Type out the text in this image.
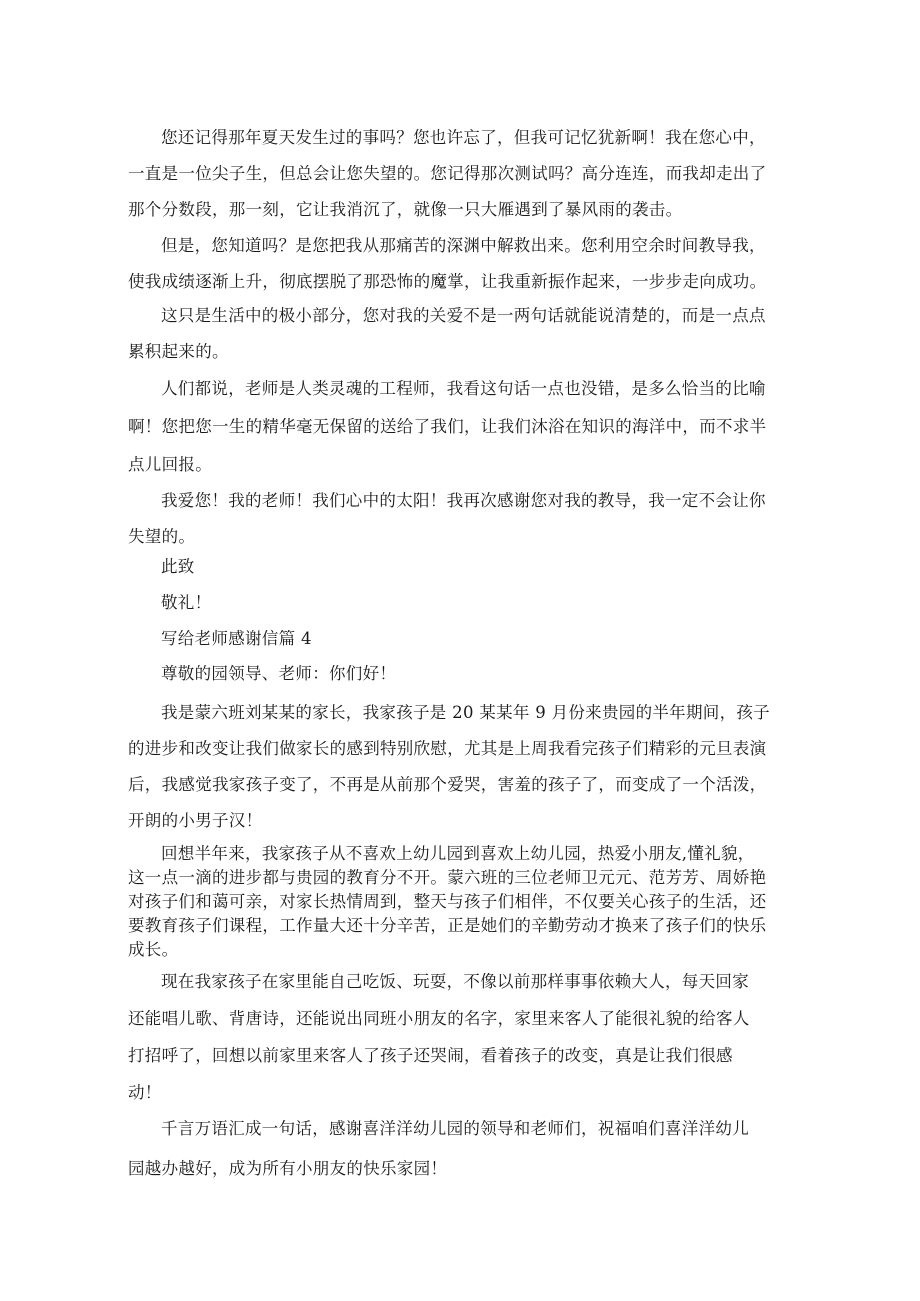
您还记得那年夏天发生过的事吗？您也许忘了，但我可记忆犹新啊！我在您心中，
一直是一位尖子生，但总会让您失望的。您记得那次测试吗？高分连连，而我却走出了
那个分数段，那一刻，它让我消沉了，就像一只大雁遇到了暴风雨的袭击。
但是，您知道吗？是您把我从那痛苦的深渊中解救出来。您利用空余时间教导我，
使我成绩逐渐上升，彻底摆脱了那恐怖的魔掌，让我重新振作起来，一步步走向成功。
这只是生活中的极小部分，您对我的关爱不是一两句话就能说清楚的，而是一点点
累积起来的。
人们都说，老师是人类灵魂的工程师，我看这句话一点也没错，是多么恰当的比喻
啊！您把您一生的精华毫无保留的送给了我们，让我们沐浴在知识的海洋中，而不求半
点儿回报。
我爱您！我的老师！我们心中的太阳！我再次感谢您对我的教导，我一定不会让你
失望的。
此致
敬礼！
写给老师感谢信篇 4
尊敬的园领导、老师：你们好！
我是蒙六班刘某某的家长，我家孩子是 20 某某年 9 月份来贵园的半年期间，孩子
的进步和改变让我们做家长的感到特别欣慰，尤其是上周我看完孩子们精彩的元旦表演
后，我感觉我家孩子变了，不再是从前那个爱哭，害羞的孩子了，而变成了一个活泼，
开朗的小男子汉！
回想半年来，我家孩子从不喜欢上幼儿园到喜欢上幼儿园，热爱小朋友,懂礼貌，
这一点一滴的进步都与贵园的教育分不开。蒙六班的三位老师卫元元、范芳芳、周娇艳
对孩子们和蔼可亲，对家长热情周到，整天与孩子们相伴，不仅要关心孩子的生活，还
要教育孩子们课程，工作量大还十分辛苦，正是她们的辛勤劳动才换来了孩子们的快乐
成长。
现在我家孩子在家里能自己吃饭、玩耍，不像以前那样事事依赖大人，每天回家
还能唱儿歌、背唐诗，还能说出同班小朋友的名字，家里来客人了能很礼貌的给客人
打招呼了，回想以前家里来客人了孩子还哭闹，看着孩子的改变，真是让我们很感
动！
千言万语汇成一句话，感谢喜洋洋幼儿园的领导和老师们，祝福咱们喜洋洋幼儿
园越办越好，成为所有小朋友的快乐家园！
